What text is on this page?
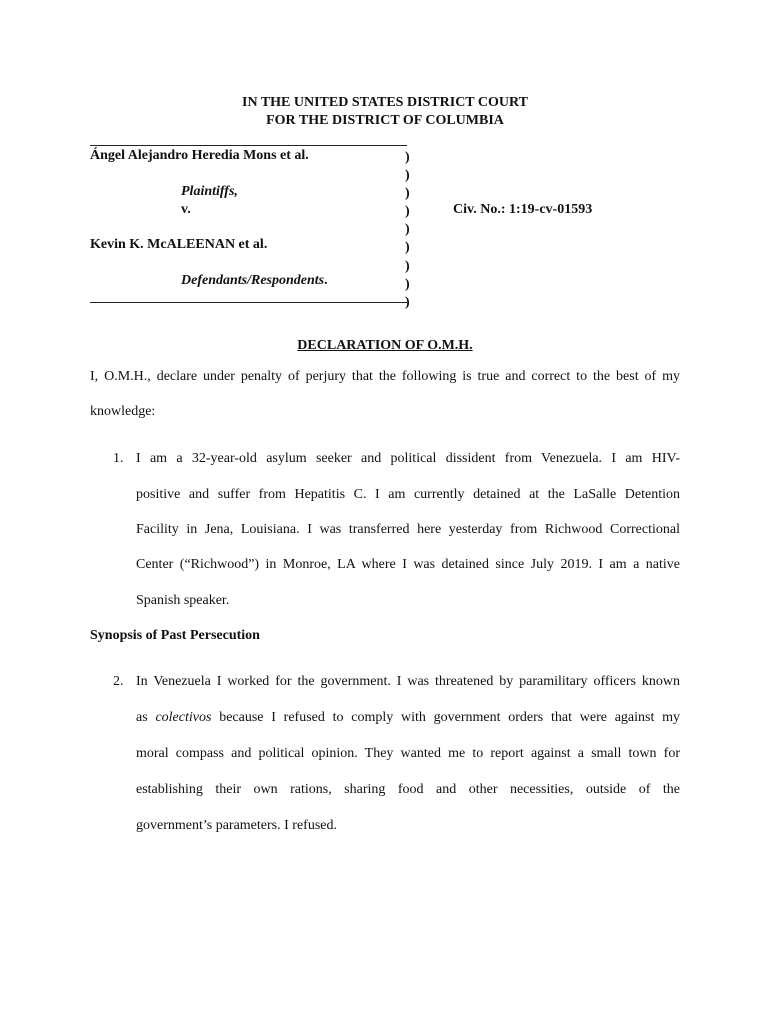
IN THE UNITED STATES DISTRICT COURT
FOR THE DISTRICT OF COLUMBIA
Ángel Alejandro Heredia Mons et al.
Plaintiffs,
v.
Kevin K. McALEENAN et al.
Defendants/Respondents.
)
)
)
)
)
)
)
)
)
Civ. No.: 1:19-cv-01593
DECLARATION OF O.M.H.
I, O.M.H., declare under penalty of perjury that the following is true and correct to the best of my
knowledge:
1. I am a 32-year-old asylum seeker and political dissident from Venezuela. I am HIV-
positive and suffer from Hepatitis C. I am currently detained at the LaSalle Detention
Facility in Jena, Louisiana. I was transferred here yesterday from Richwood Correctional
Center (“Richwood”) in Monroe, LA where I was detained since July 2019. I am a native
Spanish speaker.
Synopsis of Past Persecution
2. In Venezuela I worked for the government. I was threatened by paramilitary officers known
as colectivos because I refused to comply with government orders that were against my
moral compass and political opinion. They wanted me to report against a small town for
establishing their own rations, sharing food and other necessities, outside of the
government’s parameters. I refused.
